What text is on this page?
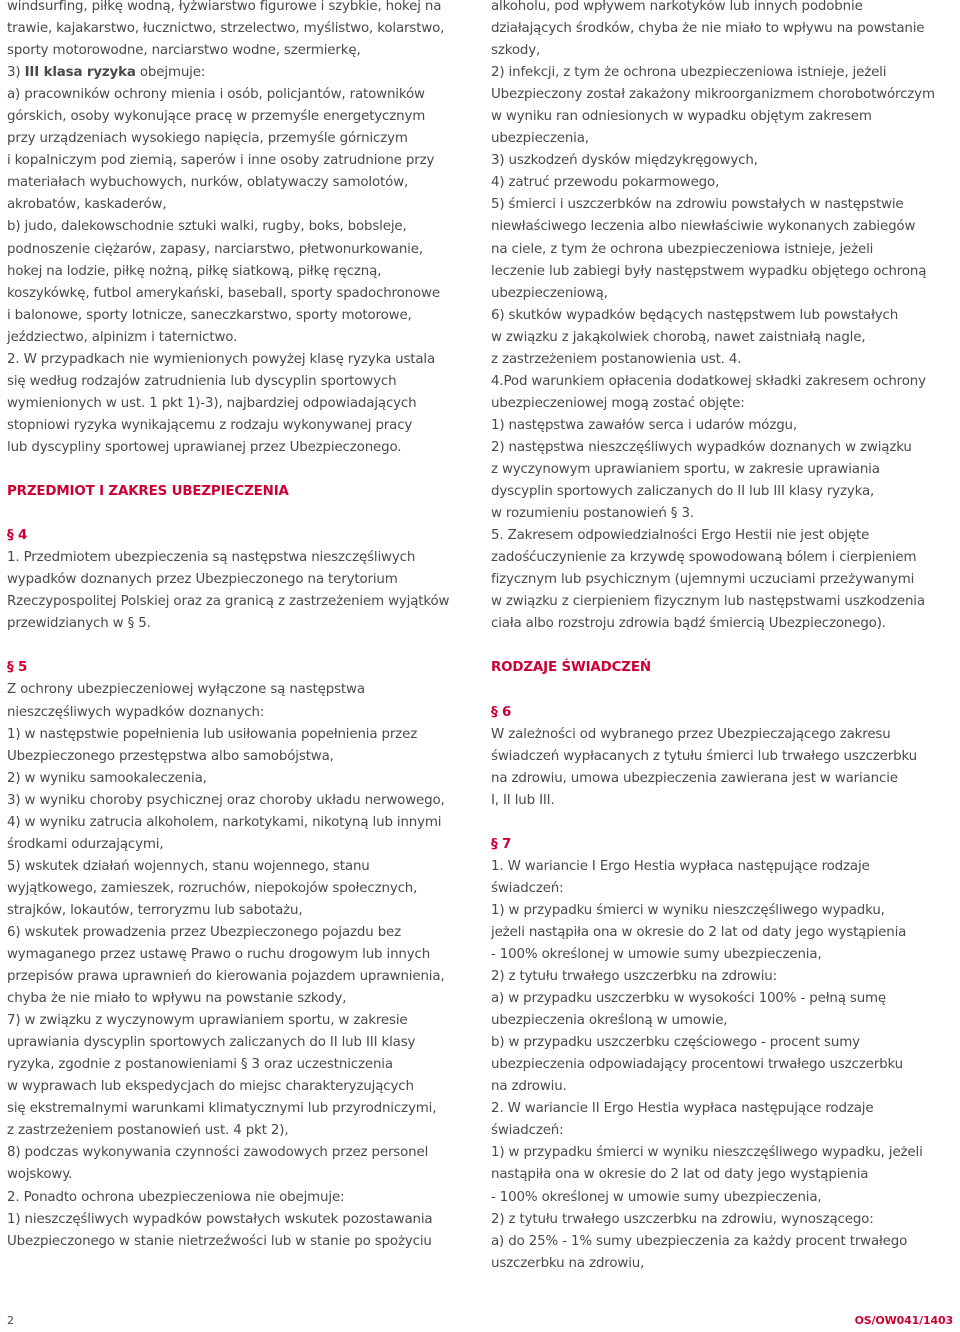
windsurfing, piłkę wodną, łyżwiarstwo figurowe i szybkie, hokej na

trawie, kajakarstwo, łucznictwo, strzelectwo, myślistwo, kolarstwo,

sporty motorowodne, narciarstwo wodne, szermierkę,

3) III klasa ryzyka obejmuje:

a) pracowników ochrony mienia i osób, policjantów, ratowników

górskich, osoby wykonujące pracę w przemyśle energetycznym

przy urządzeniach wysokiego napięcia, przemyśle górniczym

i kopalniczym pod ziemią, saperów i inne osoby zatrudnione przy

materiałach wybuchowych, nurków, oblatywaczy samolotów,

akrobatów, kaskaderów,

b) judo, dalekowschodnie sztuki walki, rugby, boks, bobsleje,

podnoszenie ciężarów, zapasy, narciarstwo, płetwonurkowanie,

hokej na lodzie, piłkę nożną, piłkę siatkową, piłkę ręczną,

koszykówkę, futbol amerykański, baseball, sporty spadochronowe

i balonowe, sporty lotnicze, saneczkarstwo, sporty motorowe,

jeździectwo, alpinizm i taternictwo.

2. W przypadkach nie wymienionych powyżej klasę ryzyka ustala

się według rodzajów zatrudnienia lub dyscyplin sportowych

wymienionych w ust. 1 pkt 1)-3), najbardziej odpowiadających

stopniowi ryzyka wynikającemu z rodzaju wykonywanej pracy

lub dyscypliny sportowej uprawianej przez Ubezpieczonego.

PRZEDMIOT I ZAKRES UBEZPIECZENIA

§ 4

1. Przedmiotem ubezpieczenia są następstwa nieszczęśliwych

wypadków doznanych przez Ubezpieczonego na terytorium

Rzeczypospolitej Polskiej oraz za granicą z zastrzeżeniem wyjątków

przewidzianych w § 5.

§ 5

Z ochrony ubezpieczeniowej wyłączone są następstwa

nieszczęśliwych wypadków doznanych:

1) w następstwie popełnienia lub usiłowania popełnienia przez

Ubezpieczonego przestępstwa albo samobójstwa,

2) w wyniku samookaleczenia,

3) w wyniku choroby psychicznej oraz choroby układu nerwowego,

4) w wyniku zatrucia alkoholem, narkotykami, nikotyną lub innymi

środkami odurzającymi,

5) wskutek działań wojennych, stanu wojennego, stanu

wyjątkowego, zamieszek, rozruchów, niepokojów społecznych,

strajków, lokautów, terroryzmu lub sabotażu,

6) wskutek prowadzenia przez Ubezpieczonego pojazdu bez

wymaganego przez ustawę Prawo o ruchu drogowym lub innych

przepisów prawa uprawnień do kierowania pojazdem uprawnienia,

chyba że nie miało to wpływu na powstanie szkody,

7) w związku z wyczynowym uprawianiem sportu, w zakresie

uprawiania dyscyplin sportowych zaliczanych do II lub III klasy

ryzyka, zgodnie z postanowieniami § 3 oraz uczestniczenia

w wyprawach lub ekspedycjach do miejsc charakteryzujących

się ekstremalnymi warunkami klimatycznymi lub przyrodniczymi,

z zastrzeżeniem postanowień ust. 4 pkt 2),

8) podczas wykonywania czynności zawodowych przez personel

wojskowy.

2. Ponadto ochrona ubezpieczeniowa nie obejmuje:

1) nieszczęśliwych wypadków powstałych wskutek pozostawania

Ubezpieczonego w stanie nietrzeźwości lub w stanie po spożyciu

alkoholu, pod wpływem narkotyków lub innych podobnie

działających środków, chyba że nie miało to wpływu na powstanie

szkody,

2) infekcji, z tym że ochrona ubezpieczeniowa istnieje, jeżeli

Ubezpieczony został zakażony mikroorganizmem chorobotwórczym

w wyniku ran odniesionych w wypadku objętym zakresem

ubezpieczenia,

3) uszkodzeń dysków międzykręgowych,

4) zatruć przewodu pokarmowego,

5) śmierci i uszczerbków na zdrowiu powstałych w następstwie

niewłaściwego leczenia albo niewłaściwie wykonanych zabiegów

na ciele, z tym że ochrona ubezpieczeniowa istnieje, jeżeli

leczenie lub zabiegi były następstwem wypadku objętego ochroną

ubezpieczeniową,

6) skutków wypadków będących następstwem lub powstałych

w związku z jakąkolwiek chorobą, nawet zaistniałą nagle,

z zastrzeżeniem postanowienia ust. 4.

4.Pod warunkiem opłacenia dodatkowej składki zakresem ochrony

ubezpieczeniowej mogą zostać objęte:

1) następstwa zawałów serca i udarów mózgu,

2) następstwa nieszczęśliwych wypadków doznanych w związku

z wyczynowym uprawianiem sportu, w zakresie uprawiania

dyscyplin sportowych zaliczanych do II lub III klasy ryzyka,

w rozumieniu postanowień § 3.

5. Zakresem odpowiedzialności Ergo Hestii nie jest objęte

zadośćuczynienie za krzywdę spowodowaną bólem i cierpieniem

fizycznym lub psychicznym (ujemnymi uczuciami przeżywanymi

w związku z cierpieniem fizycznym lub następstwami uszkodzenia

ciała albo rozstroju zdrowia bądź śmiercią Ubezpieczonego).

RODZAJE ŚWIADCZEŃ

§ 6

W zależności od wybranego przez Ubezpieczającego zakresu

świadczeń wypłacanych z tytułu śmierci lub trwałego uszczerbku

na zdrowiu, umowa ubezpieczenia zawierana jest w wariancie

I, II lub III.

§ 7

1. W wariancie I Ergo Hestia wypłaca następujące rodzaje

świadczeń:

1) w przypadku śmierci w wyniku nieszczęśliwego wypadku,

jeżeli nastąpiła ona w okresie do 2 lat od daty jego wystąpienia

- 100% określonej w umowie sumy ubezpieczenia,

2) z tytułu trwałego uszczerbku na zdrowiu:

a) w przypadku uszczerbku w wysokości 100% - pełną sumę

ubezpieczenia określoną w umowie,

b) w przypadku uszczerbku częściowego - procent sumy

ubezpieczenia odpowiadający procentowi trwałego uszczerbku

na zdrowiu.

2. W wariancie II Ergo Hestia wypłaca następujące rodzaje

świadczeń:

1) w przypadku śmierci w wyniku nieszczęśliwego wypadku, jeżeli

nastąpiła ona w okresie do 2 lat od daty jego wystąpienia

- 100% określonej w umowie sumy ubezpieczenia,

2) z tytułu trwałego uszczerbku na zdrowiu, wynoszącego:

a) do 25% - 1% sumy ubezpieczenia za każdy procent trwałego

uszczerbku na zdrowiu,

2	OS/OW041/1403
